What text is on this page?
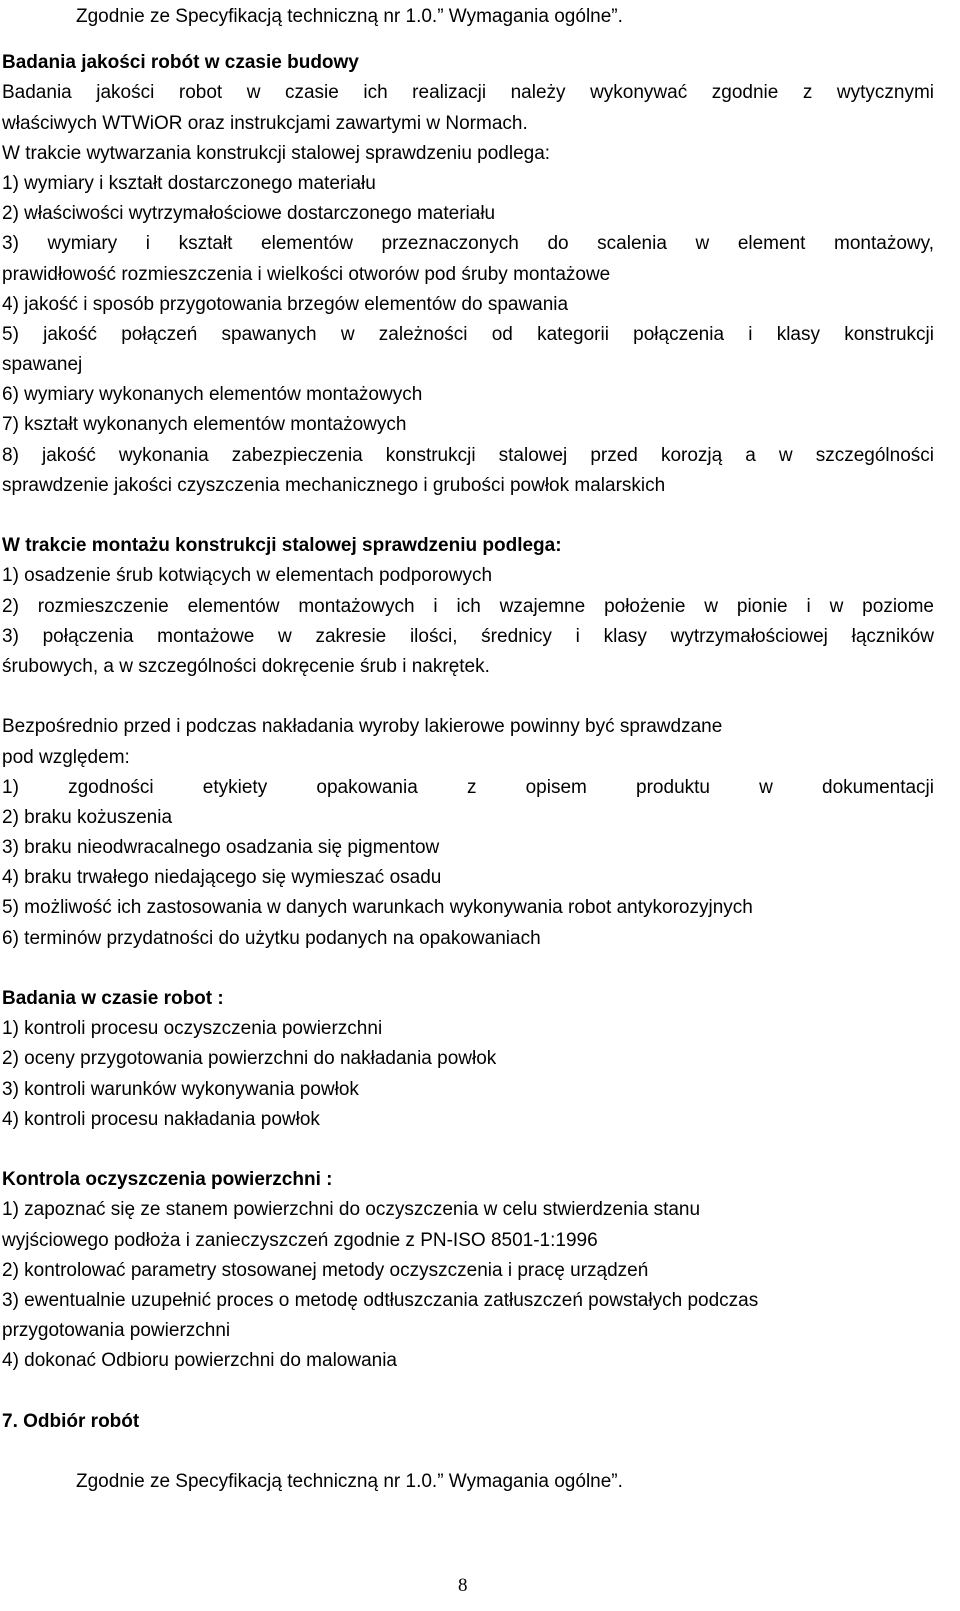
Zgodnie ze Specyfikacją techniczną nr 1.0.” Wymagania ogólne”.
Badania jakości robót w czasie budowy
Badania jakości robot w czasie ich realizacji należy wykonywać zgodnie z wytycznymi
właściwych WTWiOR oraz instrukcjami zawartymi w Normach.
W trakcie wytwarzania konstrukcji stalowej sprawdzeniu podlega:
1) wymiary i kształt dostarczonego materiału
2) właściwości wytrzymałościowe dostarczonego materiału
3) wymiary i kształt elementów przeznaczonych do scalenia w element montażowy,
prawidłowość rozmieszczenia i wielkości otworów pod śruby montażowe
4) jakość i sposób przygotowania brzegów elementów do spawania
5) jakość połączeń spawanych w zależności od kategorii połączenia i klasy konstrukcji
spawanej
6) wymiary wykonanych elementów montażowych
7) kształt wykonanych elementów montażowych
8) jakość wykonania zabezpieczenia konstrukcji stalowej przed korozją a w szczególności
sprawdzenie jakości czyszczenia mechanicznego i grubości powłok malarskich
W trakcie montażu konstrukcji stalowej sprawdzeniu podlega:
1) osadzenie śrub kotwiących w elementach podporowych
2) rozmieszczenie elementów montażowych i ich wzajemne położenie w pionie i w poziome
3) połączenia montażowe w zakresie ilości, średnicy i klasy wytrzymałościowej łączników
śrubowych, a w szczególności dokręcenie śrub i nakrętek.
Bezpośrednio przed i podczas nakładania wyroby lakierowe powinny być sprawdzane
pod względem:
1) zgodności etykiety opakowania z opisem produktu w dokumentacji
2) braku kożuszenia
3) braku nieodwracalnego osadzania się pigmentow
4) braku trwałego niedającego się wymieszać osadu
5) możliwość ich zastosowania w danych warunkach wykonywania robot antykorozyjnych
6) terminów przydatności do użytku podanych na opakowaniach
Badania w czasie robot :
1) kontroli procesu oczyszczenia powierzchni
2) oceny przygotowania powierzchni do nakładania powłok
3) kontroli warunków wykonywania powłok
4) kontroli procesu nakładania powłok
Kontrola oczyszczenia powierzchni :
1) zapoznać się ze stanem powierzchni do oczyszczenia w celu stwierdzenia stanu
wyjściowego podłoża i zanieczyszczeń zgodnie z PN-ISO 8501-1:1996
2) kontrolować parametry stosowanej metody oczyszczenia i pracę urządzeń
3) ewentualnie uzupełnić proces o metodę odtłuszczania zatłuszczeń powstałych podczas
przygotowania powierzchni
4) dokonać Odbioru powierzchni do malowania
7. Odbiór robót
Zgodnie ze Specyfikacją techniczną nr 1.0.” Wymagania ogólne”.
8
